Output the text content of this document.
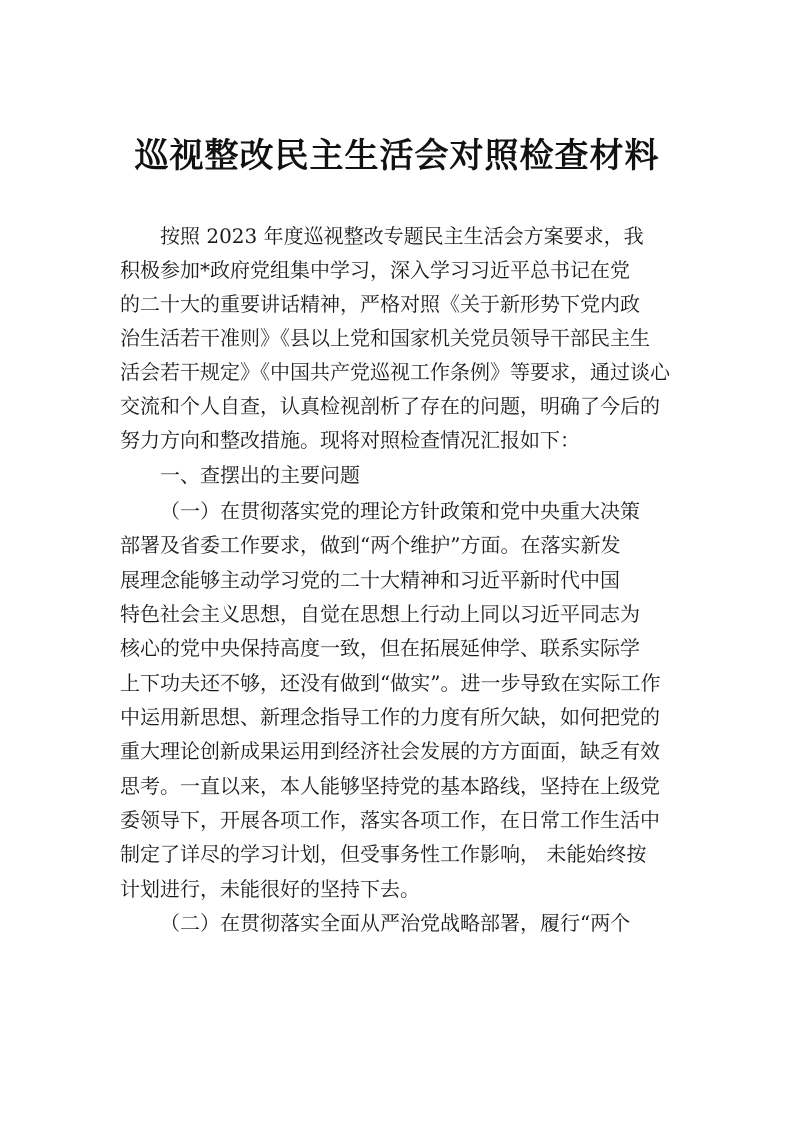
巡视整改民主生活会对照检查材料
按照 2023 年度巡视整改专题民主生活会方案要求，我
积极参加*政府党组集中学习，深入学习习近平总书记在党
的二十大的重要讲话精神，严格对照《关于新形势下党内政
治生活若干准则》《县以上党和国家机关党员领导干部民主生
活会若干规定》《中国共产党巡视工作条例》等要求，通过谈心
交流和个人自查，认真检视剖析了存在的问题，明确了今后的
努力方向和整改措施。现将对照检查情况汇报如下：
一、查摆出的主要问题
（一）在贯彻落实党的理论方针政策和党中央重大决策
部署及省委工作要求，做到“两个维护”方面。在落实新发
展理念能够主动学习党的二十大精神和习近平新时代中国
特色社会主义思想，自觉在思想上行动上同以习近平同志为
核心的党中央保持高度一致，但在拓展延伸学、联系实际学
上下功夫还不够，还没有做到“做实”。进一步导致在实际工作
中运用新思想、新理念指导工作的力度有所欠缺，如何把党的
重大理论创新成果运用到经济社会发展的方方面面，缺乏有效
思考。一直以来，本人能够坚持党的基本路线，坚持在上级党
委领导下，开展各项工作，落实各项工作，在日常工作生活中
制定了详尽的学习计划，但受事务性工作影响， 未能始终按
计划进行，未能很好的坚持下去。
（二）在贯彻落实全面从严治党战略部署，履行“两个
